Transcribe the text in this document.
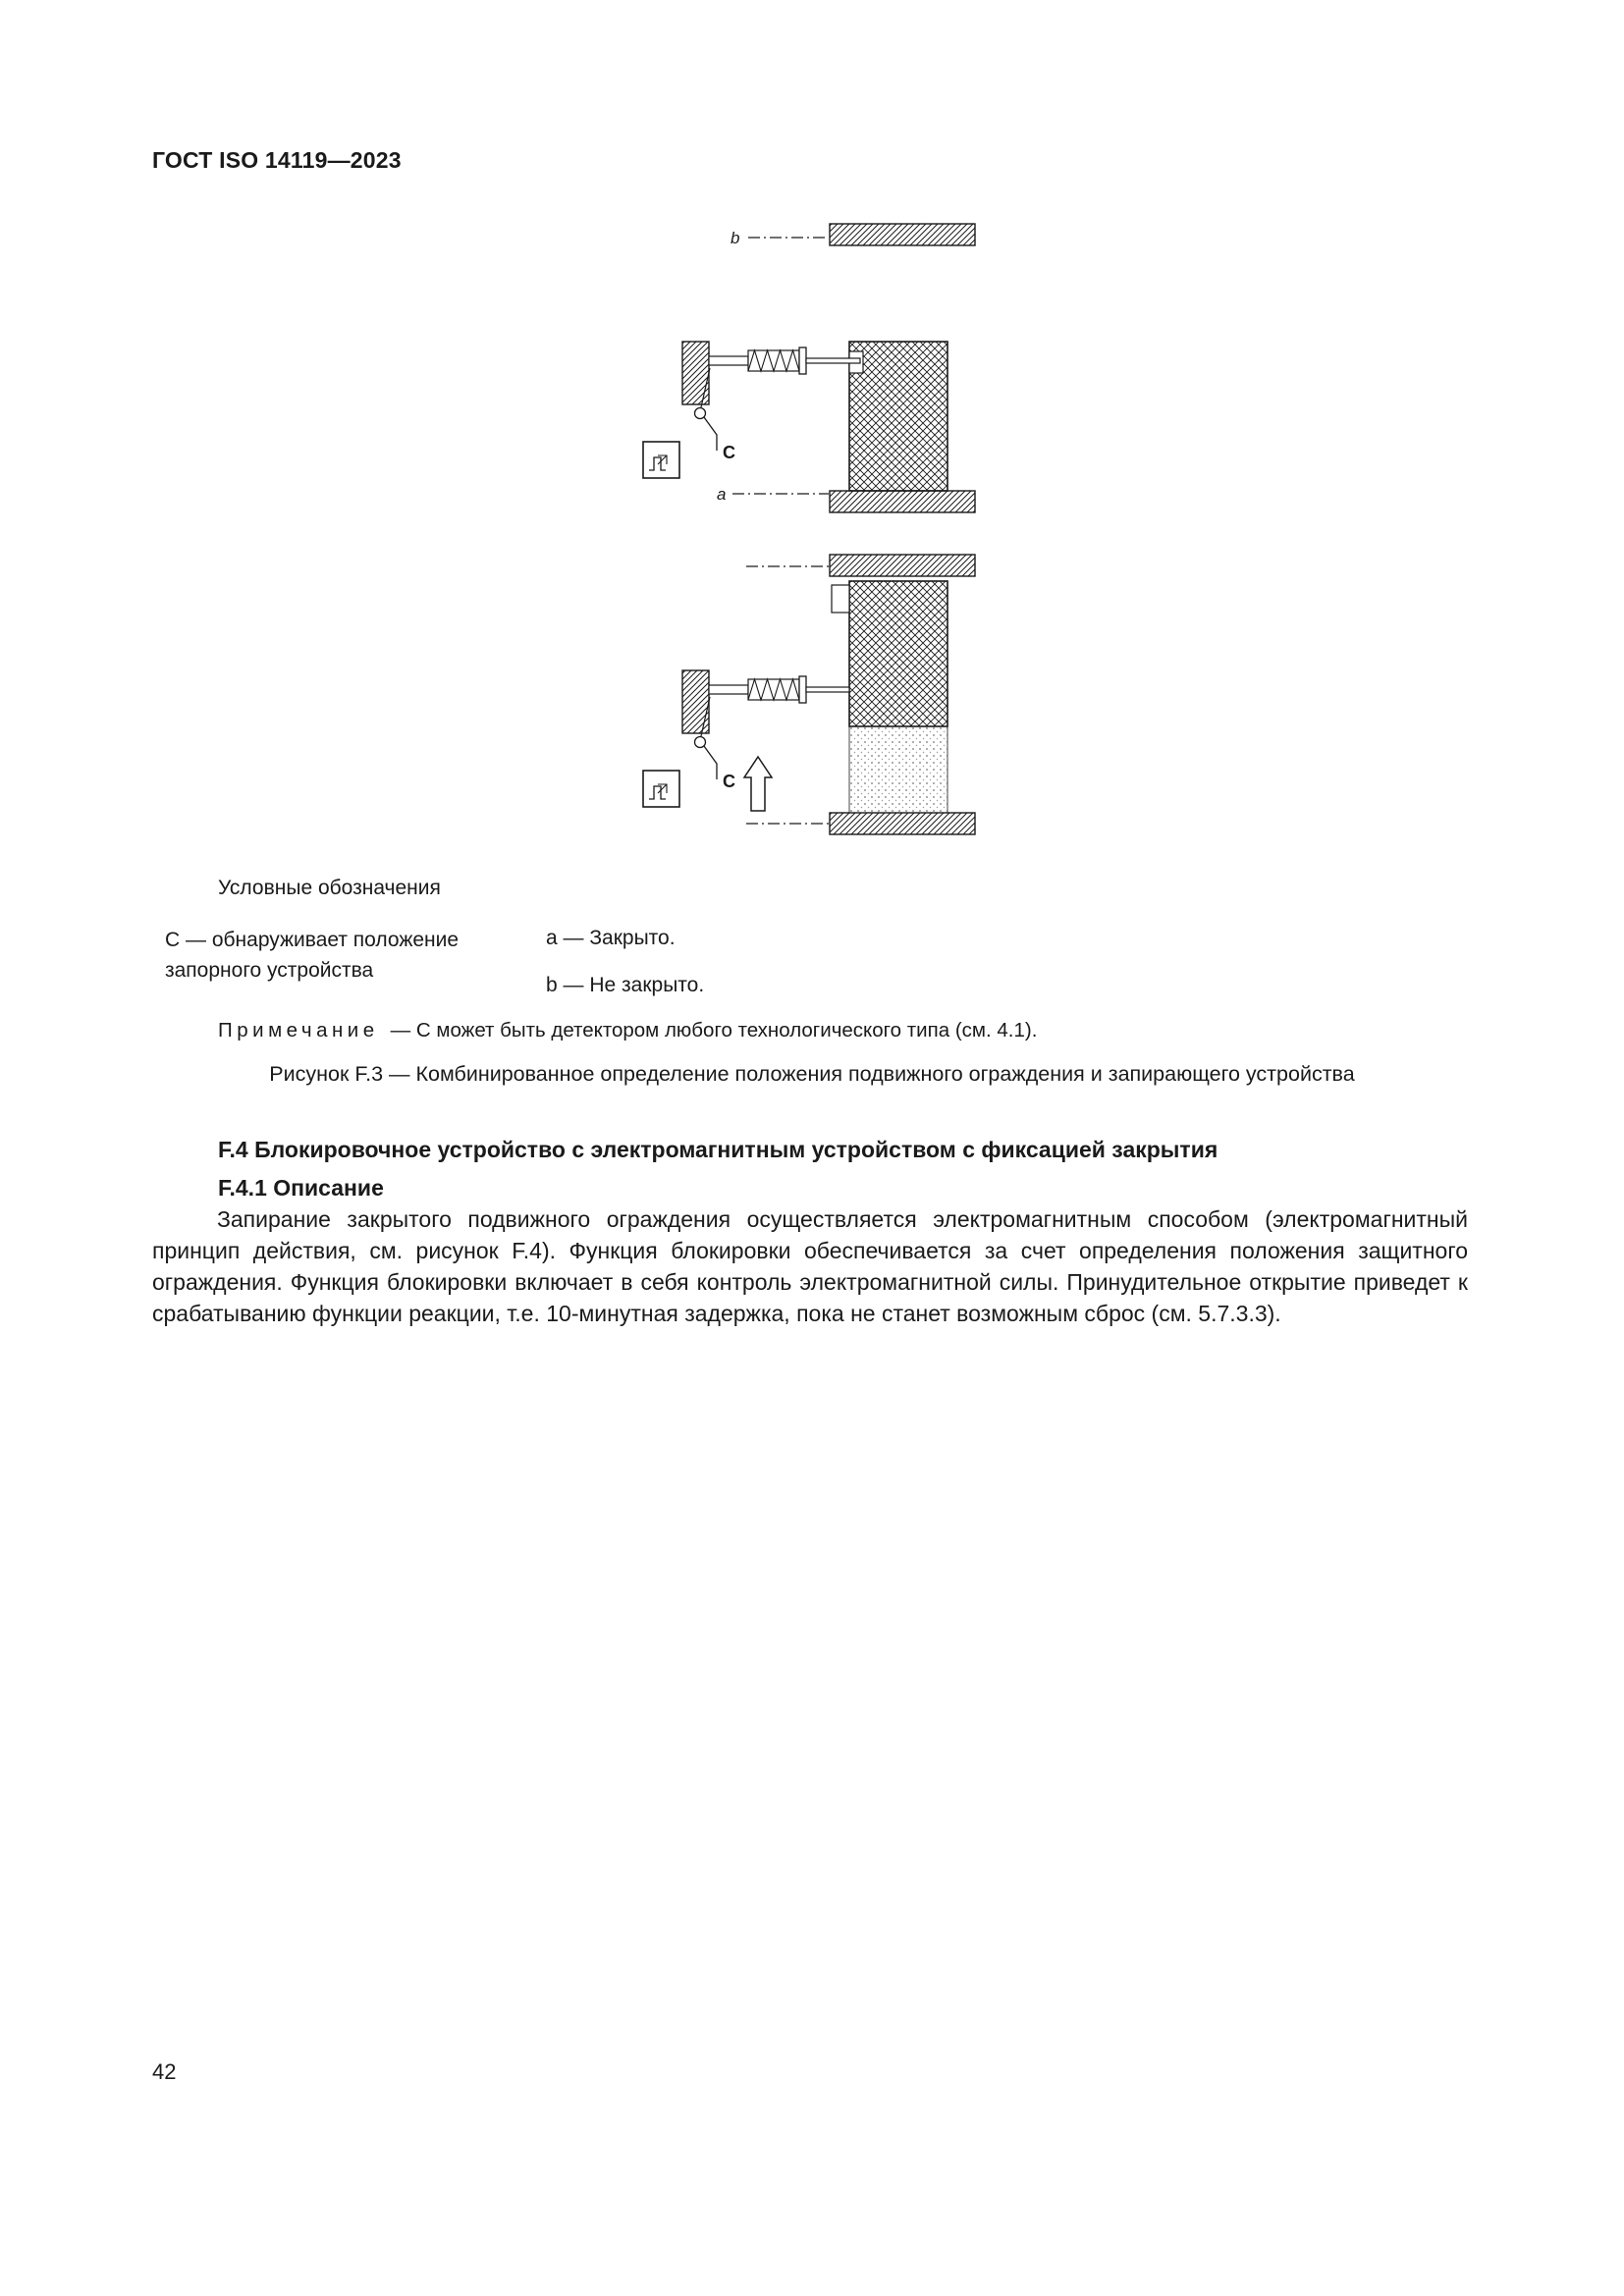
ГОСТ ISO 14119—2023
b
C
a
C
Условные обозначения
С — обнаруживает положение
запорного устройства
a — Закрыто.
b — Не закрыто.
Примечание — С может быть детектором любого технологического типа (см. 4.1).
Рисунок F.3 — Комбинированное определение положения подвижного ограждения и запирающего устройства
F.4 Блокировочное устройство с электромагнитным устройством с фиксацией закрытия
F.4.1 Описание
Запирание закрытого подвижного ограждения осуществляется электромагнитным способом (электромагнитный принцип действия, см. рисунок F.4). Функция блокировки обеспечивается за счет определения положения защитного ограждения. Функция блокировки включает в себя контроль электромагнитной силы. Принудительное открытие приведет к срабатыванию функции реакции, т.е. 10-минутная задержка, пока не станет возможным сброс (см. 5.7.3.3).
42
